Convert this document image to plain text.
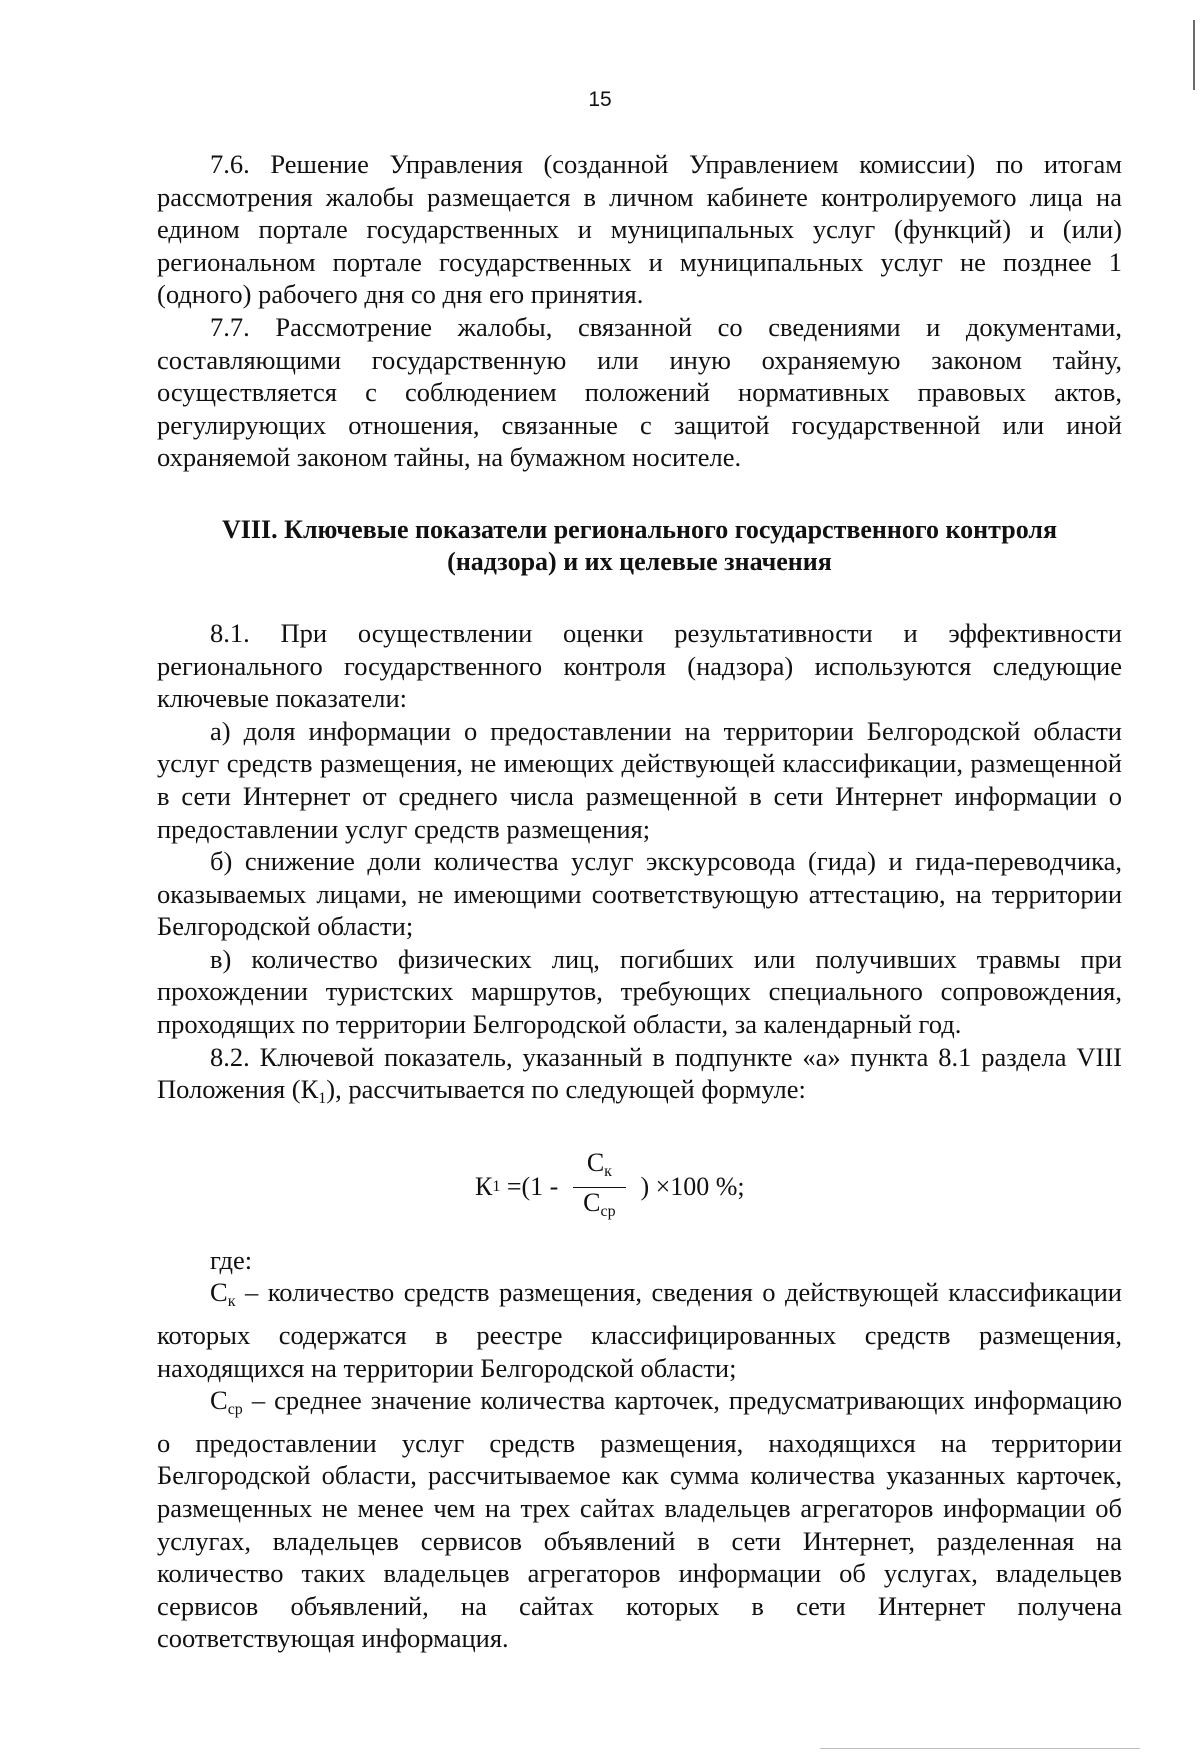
15

7.6. Решение Управления (созданной Управлением комиссии) по итогам рассмотрения жалобы размещается в личном кабинете контролируемого лица на едином портале государственных и муниципальных услуг (функций) и (или) региональном портале государственных и муниципальных услуг не позднее 1 (одного) рабочего дня со дня его принятия.

7.7. Рассмотрение жалобы, связанной со сведениями и документами, составляющими государственную или иную охраняемую законом тайну, осуществляется с соблюдением положений нормативных правовых актов, регулирующих отношения, связанные с защитой государственной или иной охраняемой законом тайны, на бумажном носителе.

VIII. Ключевые показатели регионального государственного контроля
(надзора) и их целевые значения

8.1. При осуществлении оценки результативности и эффективности регионального государственного контроля (надзора) используются следующие ключевые показатели:

а) доля информации о предоставлении на территории Белгородской области услуг средств размещения, не имеющих действующей классификации, размещенной в сети Интернет от среднего числа размещенной в сети Интернет информации о предоставлении услуг средств размещения;

б) снижение доли количества услуг экскурсовода (гида) и гида-переводчика, оказываемых лицами, не имеющими соответствующую аттестацию, на территории Белгородской области;

в) количество физических лиц, погибших или получивших травмы при прохождении туристских маршрутов, требующих специального сопровождения, проходящих по территории Белгородской области, за календарный год.

8.2. Ключевой показатель, указанный в подпункте «а» пункта 8.1 раздела VIII Положения $(К_1)$, рассчитывается по следующей формуле:

К $1 =(1 - \frac{С_к}{С_{ср}}$ ) ×100 %;

где:

$С_к$ – количество средств размещения, сведения о действующей классификации которых содержатся в реестре классифицированных средств размещения, находящихся на территории Белгородской области;

$С_{ср}$ – среднее значение количества карточек, предусматривающих информацию о предоставлении услуг средств размещения, находящихся на территории Белгородской области, рассчитываемое как сумма количества указанных карточек, размещенных не менее чем на трех сайтах владельцев агрегаторов информации об услугах, владельцев сервисов объявлений в сети Интернет, разделенная на количество таких владельцев агрегаторов информации об услугах, владельцев сервисов объявлений, на сайтах которых в сети Интернет получена соответствующая информация.
